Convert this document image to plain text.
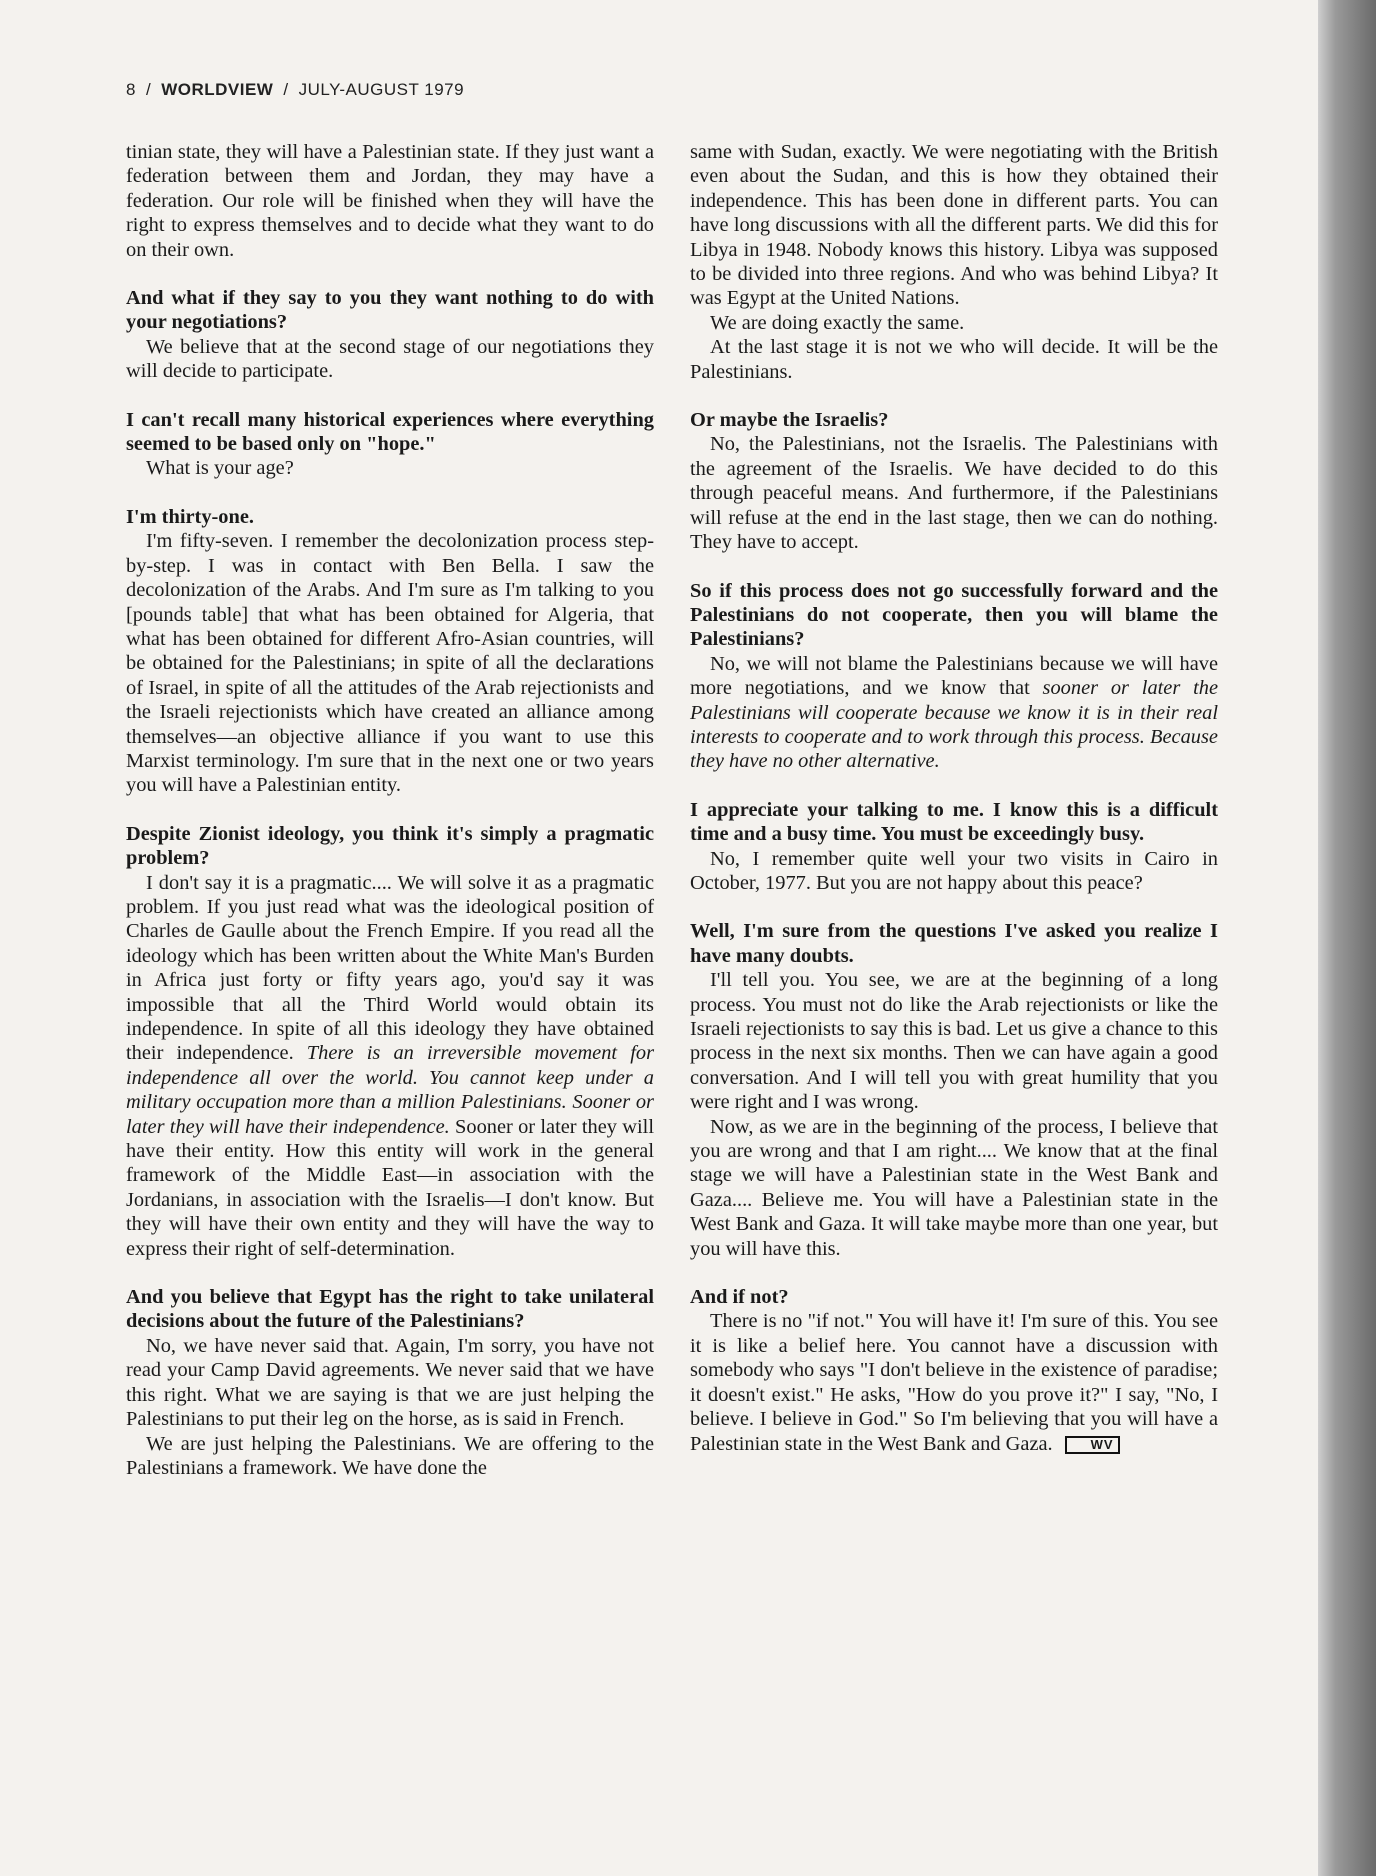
8 / WORLDVIEW / JULY-AUGUST 1979

tinian state, they will have a Palestinian state. If they just want a federation between them and Jordan, they may have a federation. Our role will be finished when they will have the right to express themselves and to decide what they want to do on their own.

And what if they say to you they want nothing to do with your negotiations?

We believe that at the second stage of our negotiations they will decide to participate.

I can't recall many historical experiences where everything seemed to be based only on "hope."

What is your age?

I'm thirty-one.

I'm fifty-seven. I remember the decolonization process step-by-step. I was in contact with Ben Bella. I saw the decolonization of the Arabs. And I'm sure as I'm talking to you [pounds table] that what has been obtained for Algeria, that what has been obtained for different Afro-Asian countries, will be obtained for the Palestinians; in spite of all the declarations of Israel, in spite of all the attitudes of the Arab rejectionists and the Israeli rejectionists which have created an alliance among themselves—an objective alliance if you want to use this Marxist terminology. I'm sure that in the next one or two years you will have a Palestinian entity.

Despite Zionist ideology, you think it's simply a pragmatic problem?

I don't say it is a pragmatic.... We will solve it as a pragmatic problem. If you just read what was the ideological position of Charles de Gaulle about the French Empire. If you read all the ideology which has been written about the White Man's Burden in Africa just forty or fifty years ago, you'd say it was impossible that all the Third World would obtain its independence. In spite of all this ideology they have obtained their independence. There is an irreversible movement for independence all over the world. You cannot keep under a military occupation more than a million Palestinians. Sooner or later they will have their independence. Sooner or later they will have their entity. How this entity will work in the general framework of the Middle East—in association with the Jordanians, in association with the Israelis—I don't know. But they will have their own entity and they will have the way to express their right of self-determination.

And you believe that Egypt has the right to take unilateral decisions about the future of the Palestinians?

No, we have never said that. Again, I'm sorry, you have not read your Camp David agreements. We never said that we have this right. What we are saying is that we are just helping the Palestinians to put their leg on the horse, as is said in French.

We are just helping the Palestinians. We are offering to the Palestinians a framework. We have done the

same with Sudan, exactly. We were negotiating with the British even about the Sudan, and this is how they obtained their independence. This has been done in different parts. You can have long discussions with all the different parts. We did this for Libya in 1948. Nobody knows this history. Libya was supposed to be divided into three regions. And who was behind Libya? It was Egypt at the United Nations.

We are doing exactly the same.

At the last stage it is not we who will decide. It will be the Palestinians.

Or maybe the Israelis?

No, the Palestinians, not the Israelis. The Palestinians with the agreement of the Israelis. We have decided to do this through peaceful means. And furthermore, if the Palestinians will refuse at the end in the last stage, then we can do nothing. They have to accept.

So if this process does not go successfully forward and the Palestinians do not cooperate, then you will blame the Palestinians?

No, we will not blame the Palestinians because we will have more negotiations, and we know that sooner or later the Palestinians will cooperate because we know it is in their real interests to cooperate and to work through this process. Because they have no other alternative.

I appreciate your talking to me. I know this is a difficult time and a busy time. You must be exceedingly busy.

No, I remember quite well your two visits in Cairo in October, 1977. But you are not happy about this peace?

Well, I'm sure from the questions I've asked you realize I have many doubts.

I'll tell you. You see, we are at the beginning of a long process. You must not do like the Arab rejectionists or like the Israeli rejectionists to say this is bad. Let us give a chance to this process in the next six months. Then we can have again a good conversation. And I will tell you with great humility that you were right and I was wrong.

Now, as we are in the beginning of the process, I believe that you are wrong and that I am right.... We know that at the final stage we will have a Palestinian state in the West Bank and Gaza.... Believe me. You will have a Palestinian state in the West Bank and Gaza. It will take maybe more than one year, but you will have this.

And if not?

There is no "if not." You will have it! I'm sure of this. You see it is like a belief here. You cannot have a discussion with somebody who says "I don't believe in the existence of paradise; it doesn't exist." He asks, "How do you prove it?" I say, "No, I believe. I believe in God." So I'm believing that you will have a Palestinian state in the West Bank and Gaza.	WV
